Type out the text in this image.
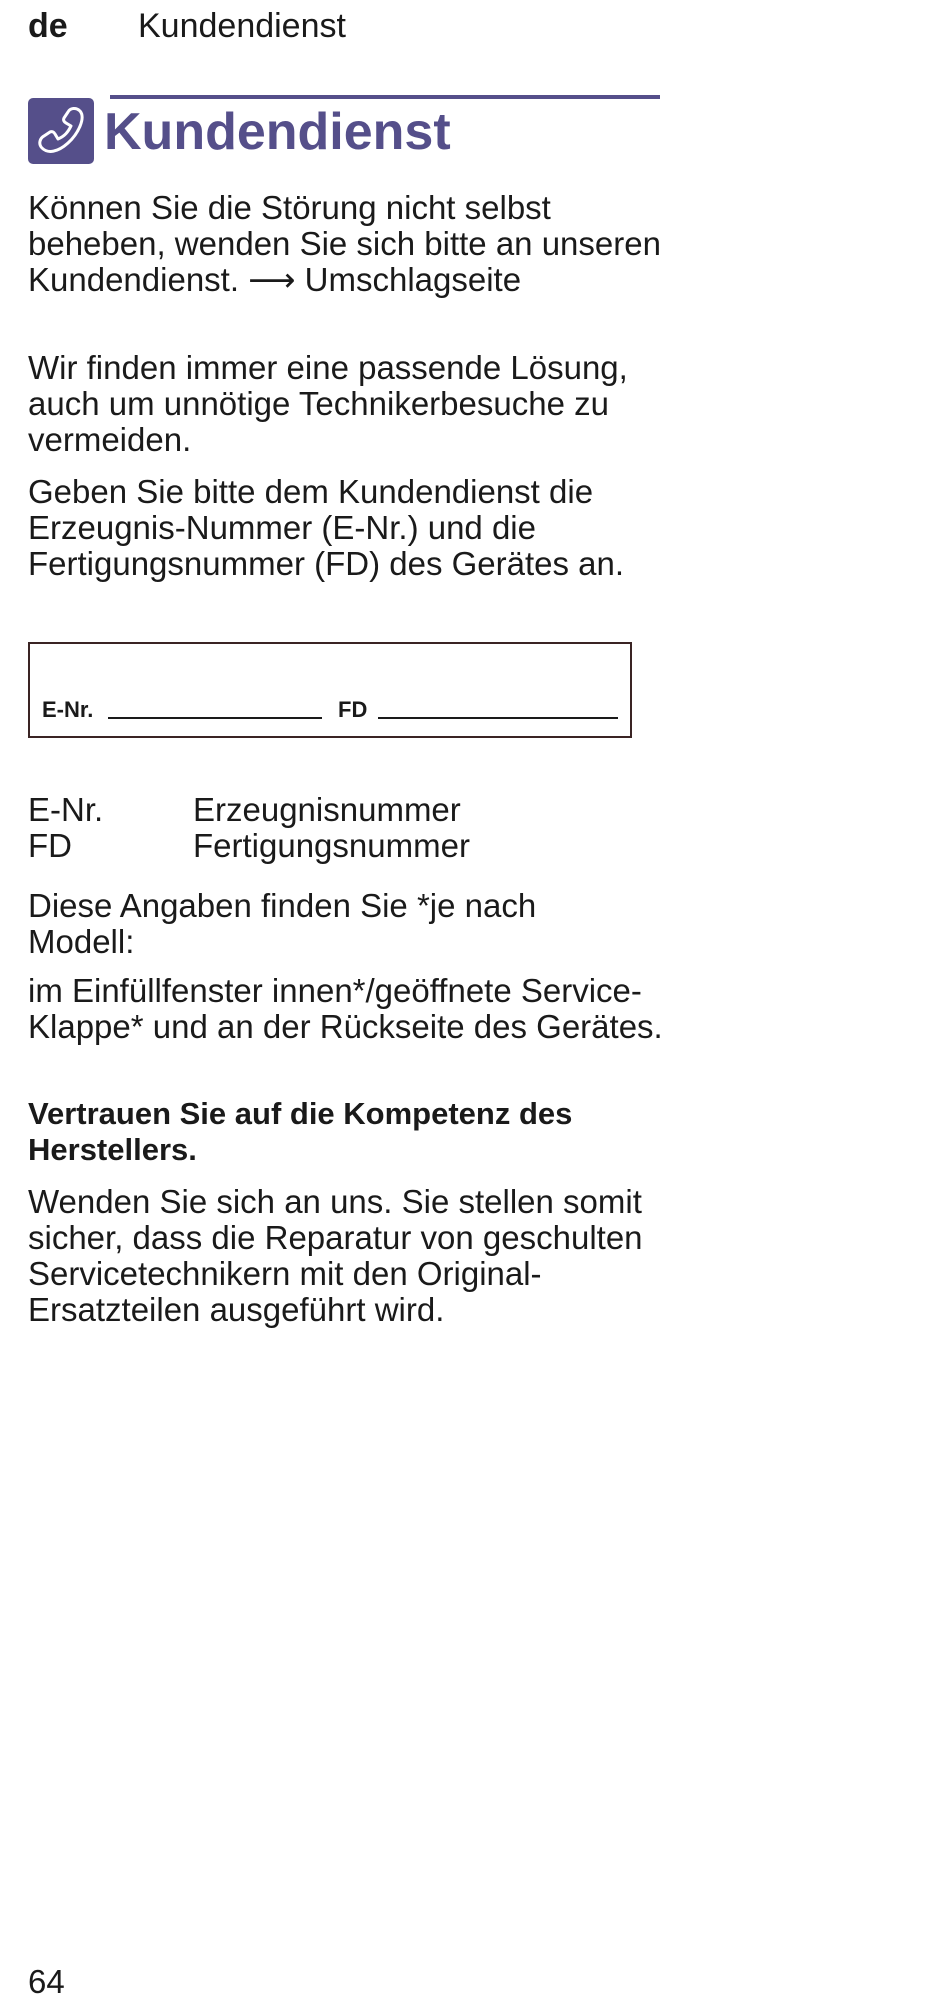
de Kundendienst
Kundendienst

Können Sie die Störung nicht selbst beheben, wenden Sie sich bitte an unseren Kundendienst. ⟶ Umschlagseite

Wir finden immer eine passende Lösung, auch um unnötige Technikerbesuche zu vermeiden.

Geben Sie bitte dem Kundendienst die Erzeugnis-Nummer (E-Nr.) und die Fertigungsnummer (FD) des Gerätes an.

E-Nr.	FD
E-Nr.	Erzeugnisnummer
FD	Fertigungsnummer

Diese Angaben finden Sie *je nach Modell:

im Einfüllfenster innen*/geöffnete Service-Klappe* und an der Rückseite des Gerätes.

Vertrauen Sie auf die Kompetenz des Herstellers.

Wenden Sie sich an uns. Sie stellen somit sicher, dass die Reparatur von geschulten Servicetechnikern mit den Original-Ersatzteilen ausgeführt wird.

64
